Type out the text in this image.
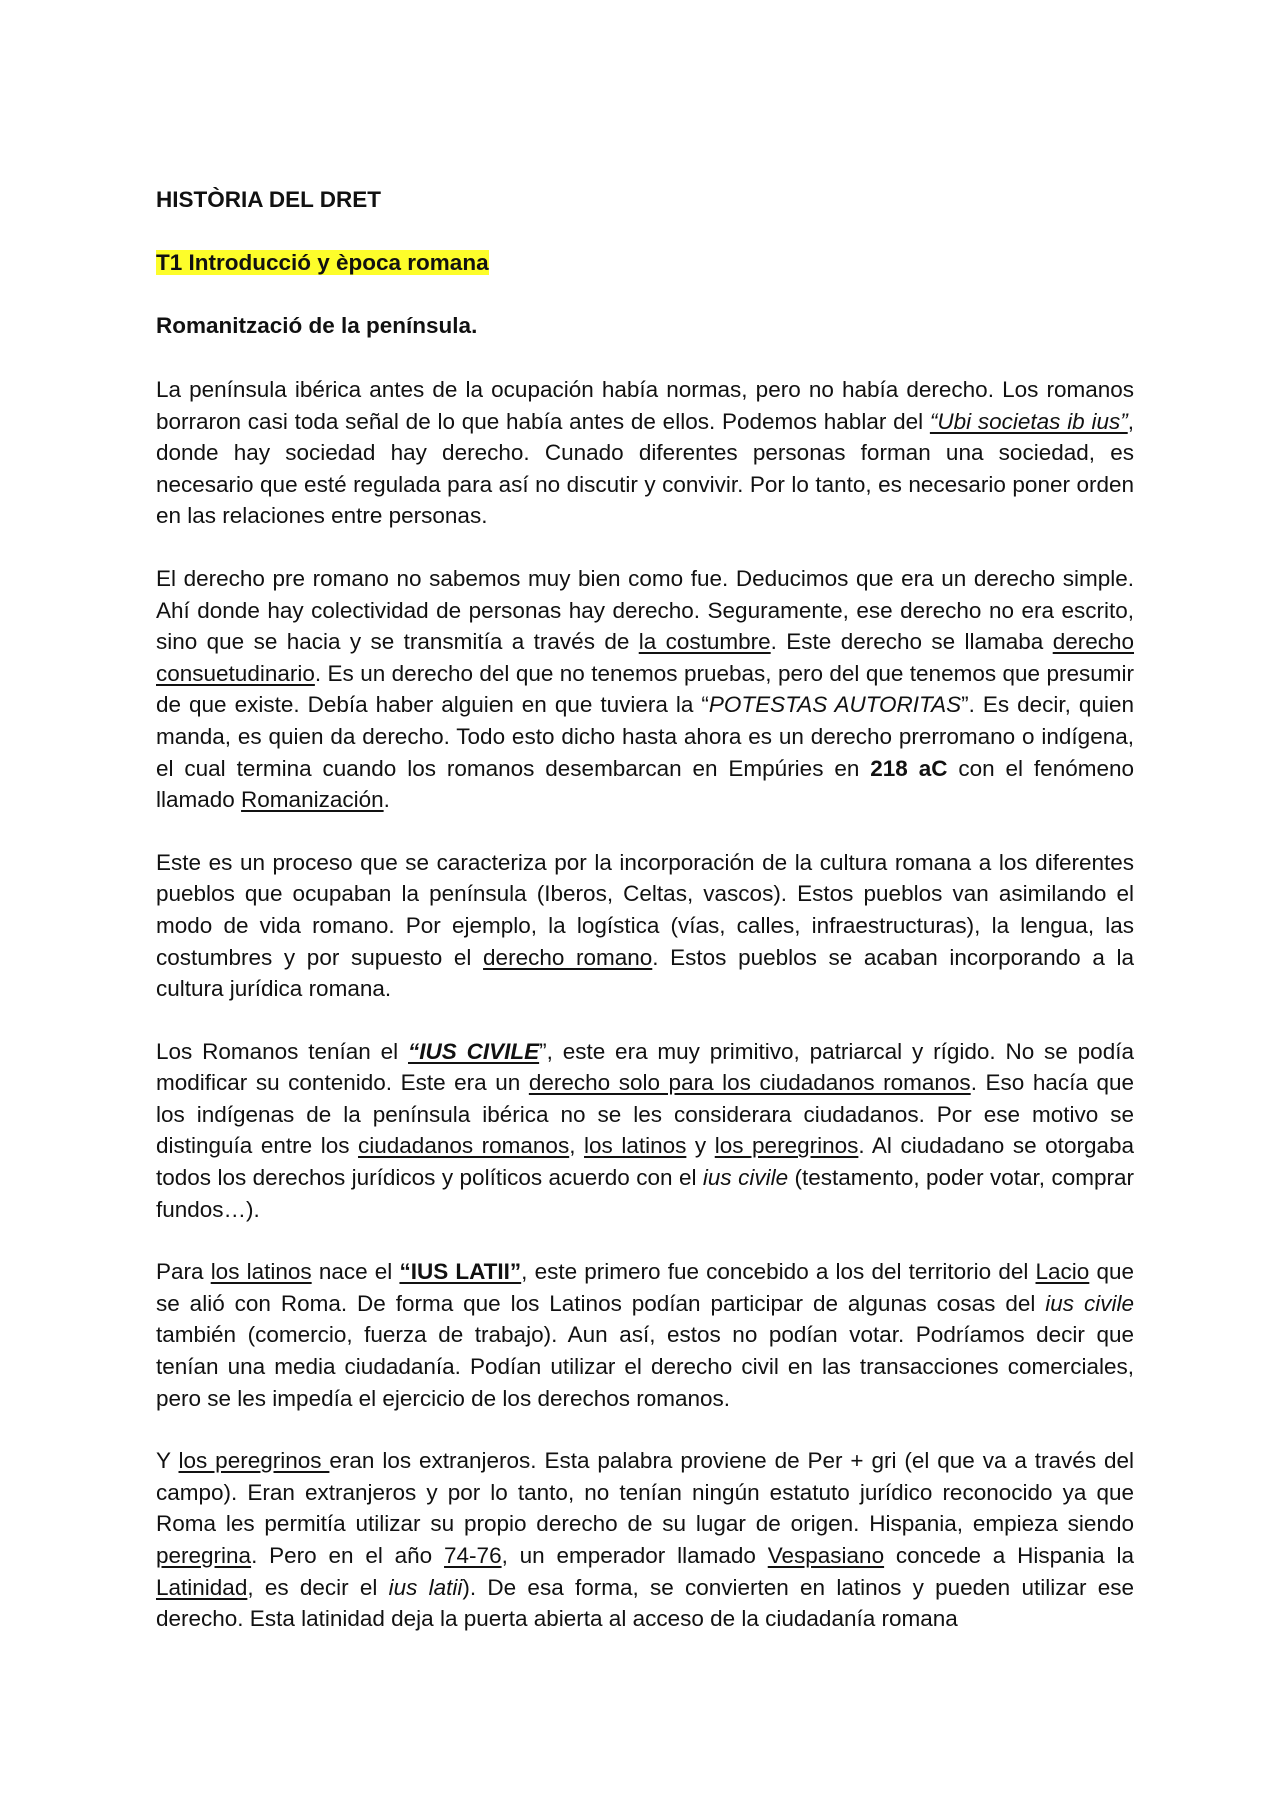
HISTÒRIA DEL DRET
T1 Introducció y època romana
Romanització de la península.

La península ibérica antes de la ocupación había normas, pero no había derecho. Los romanos borraron casi toda señal de lo que había antes de ellos. Podemos hablar del “Ubi societas ib ius”, donde hay sociedad hay derecho. Cunado diferentes personas forman una sociedad, es necesario que esté regulada para así no discutir y convivir. Por lo tanto, es necesario poner orden en las relaciones entre personas.

El derecho pre romano no sabemos muy bien como fue. Deducimos que era un derecho simple. Ahí donde hay colectividad de personas hay derecho. Seguramente, ese derecho no era escrito, sino que se hacia y se transmitía a través de la costumbre. Este derecho se llamaba derecho consuetudinario. Es un derecho del que no tenemos pruebas, pero del que tenemos que presumir de que existe. Debía haber alguien en que tuviera la “POTESTAS AUTORITAS”. Es decir, quien manda, es quien da derecho. Todo esto dicho hasta ahora es un derecho prerromano o indígena, el cual termina cuando los romanos desembarcan en Empúries en 218 aC con el fenómeno llamado Romanización.

Este es un proceso que se caracteriza por la incorporación de la cultura romana a los diferentes pueblos que ocupaban la península (Iberos, Celtas, vascos). Estos pueblos van asimilando el modo de vida romano. Por ejemplo, la logística (vías, calles, infraestructuras), la lengua, las costumbres y por supuesto el derecho romano. Estos pueblos se acaban incorporando a la cultura jurídica romana.

Los Romanos tenían el “IUS CIVILE”, este era muy primitivo, patriarcal y rígido. No se podía modificar su contenido. Este era un derecho solo para los ciudadanos romanos. Eso hacía que los indígenas de la península ibérica no se les considerara ciudadanos. Por ese motivo se distinguía entre los ciudadanos romanos, los latinos y los peregrinos. Al ciudadano se otorgaba todos los derechos jurídicos y políticos acuerdo con el ius civile (testamento, poder votar, comprar fundos…).

Para los latinos nace el “IUS LATII”, este primero fue concebido a los del territorio del Lacio que se alió con Roma. De forma que los Latinos podían participar de algunas cosas del ius civile también (comercio, fuerza de trabajo). Aun así, estos no podían votar. Podríamos decir que tenían una media ciudadanía. Podían utilizar el derecho civil en las transacciones comerciales, pero se les impedía el ejercicio de los derechos romanos.

Y los peregrinos eran los extranjeros. Esta palabra proviene de Per + gri (el que va a través del campo). Eran extranjeros y por lo tanto, no tenían ningún estatuto jurídico reconocido ya que Roma les permitía utilizar su propio derecho de su lugar de origen. Hispania, empieza siendo peregrina. Pero en el año 74-76, un emperador llamado Vespasiano concede a Hispania la Latinidad, es decir el ius latii). De esa forma, se convierten en latinos y pueden utilizar ese derecho. Esta latinidad deja la puerta abierta al acceso de la ciudadanía romana
